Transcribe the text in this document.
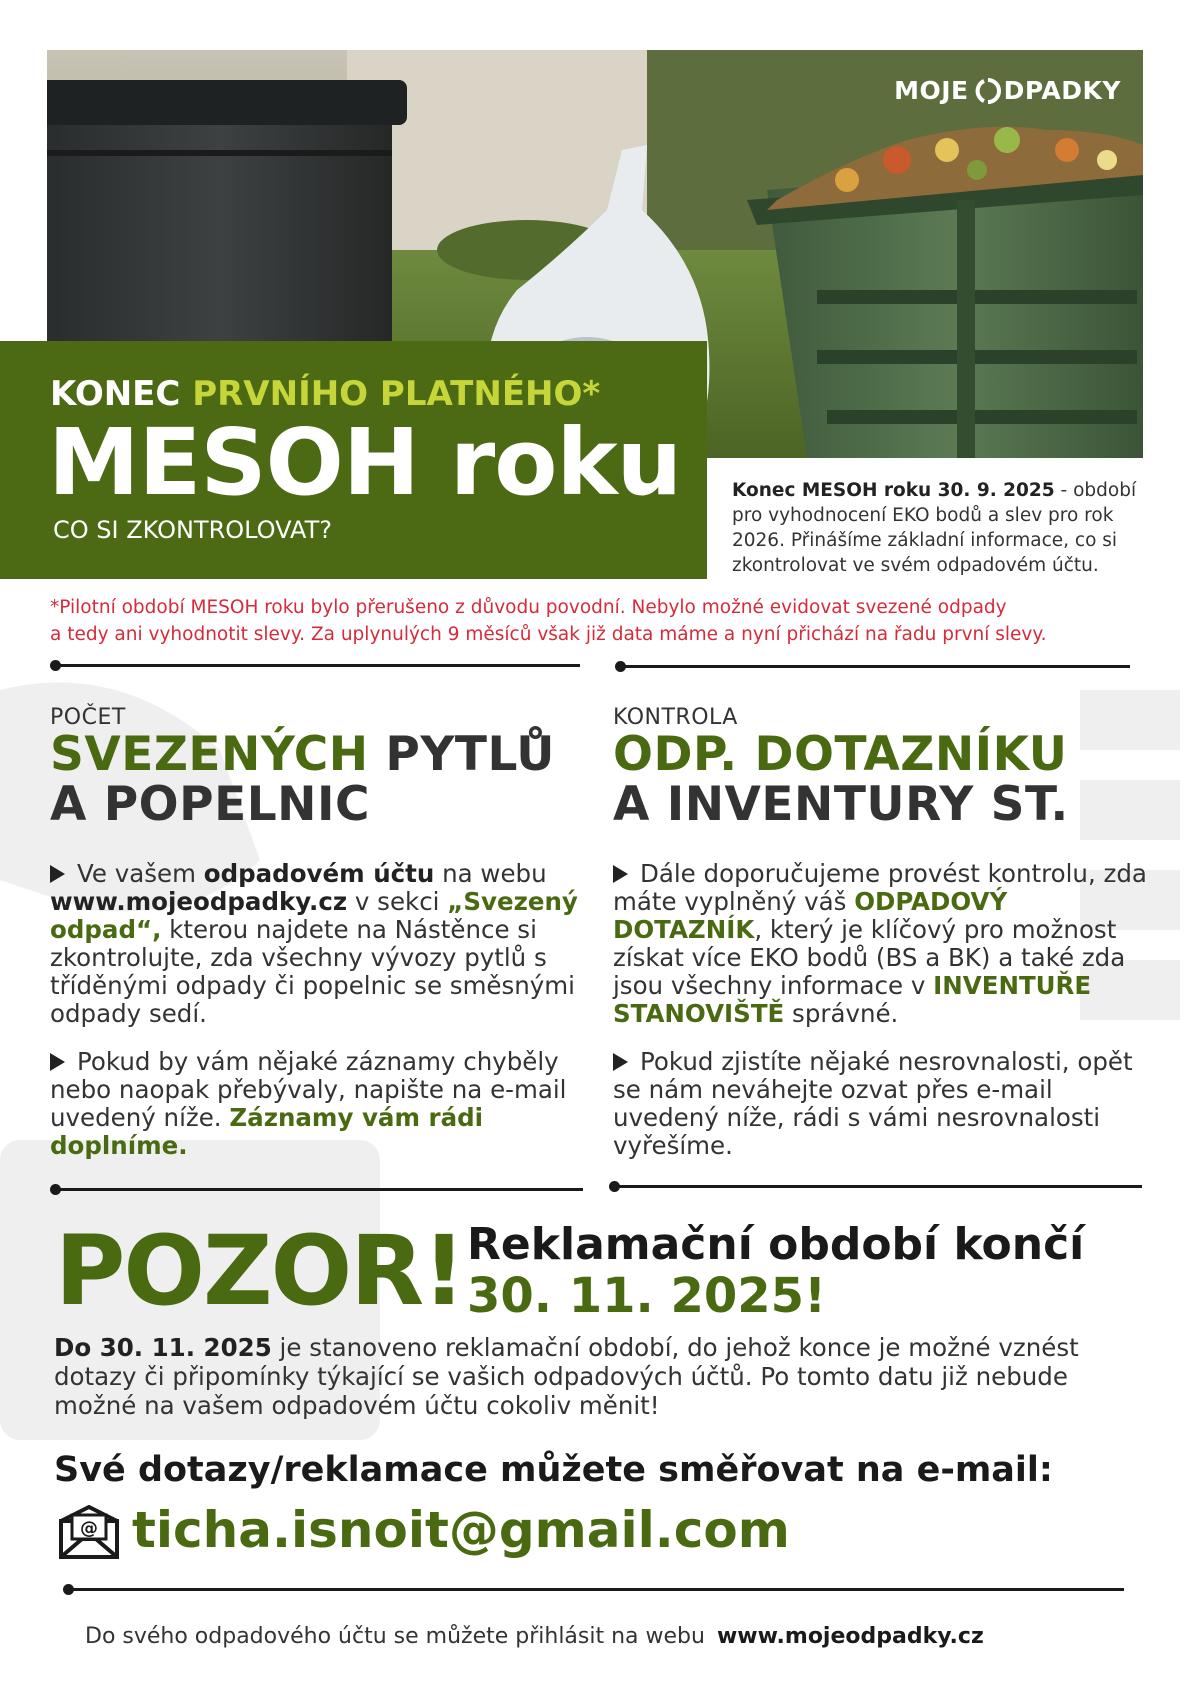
MOJE DPADKY
KONEC PRVNÍHO PLATNÉHO*
MESOH roku
CO SI ZKONTROLOVAT?
Konec MESOH roku 30. 9. 2025 - období pro vyhodnocení EKO bodů a slev pro rok 2026. Přinášíme základní informace, co si zkontrolovat ve svém odpadovém účtu.
*Pilotní období MESOH roku bylo přerušeno z důvodu povodní. Nebylo možné evidovat svezené odpady
a tedy ani vyhodnotit slevy. Za uplynulých 9 měsíců však již data máme a nyní přichází na řadu první slevy.
POČET
SVEZENÝCH PYTLŮ
A POPELNIC

Ve vašem odpadovém účtu na webu www.mojeodpadky.cz v sekci „Svezený odpad“, kterou najdete na Nástěnce si zkontrolujte, zda všechny vývozy pytlů s tříděnými odpady či popelnic se směsnými odpady sedí.

Pokud by vám nějaké záznamy chyběly nebo naopak přebývaly, napište na e-mail uvedený níže. Záznamy vám rádi doplníme.

KONTROLA
ODP. DOTAZNÍKU
A INVENTURY ST.

Dále doporučujeme provést kontrolu, zda máte vyplněný váš ODPADOVÝ DOTAZNÍK, který je klíčový pro možnost získat více EKO bodů (BS a BK) a také zda jsou všechny informace v INVENTUŘE STANOVIŠTĚ správné.

Pokud zjistíte nějaké nesrovnalosti, opět se nám neváhejte ozvat přes e-mail uvedený níže, rádi s vámi nesrovnalosti vyřešíme.

POZOR! Reklamační období končí
30. 11. 2025!
Do 30. 11. 2025 je stanoveno reklamační období, do jehož konce je možné vznést dotazy či připomínky týkající se vašich odpadových účtů. Po tomto datu již nebude možné na vašem odpadovém účtu cokoliv měnit!
Své dotazy/reklamace můžete směřovat na e-mail:
@ ticha.isnoit@gmail.com
Do svého odpadového účtu se můžete přihlásit na webu www.mojeodpadky.cz
